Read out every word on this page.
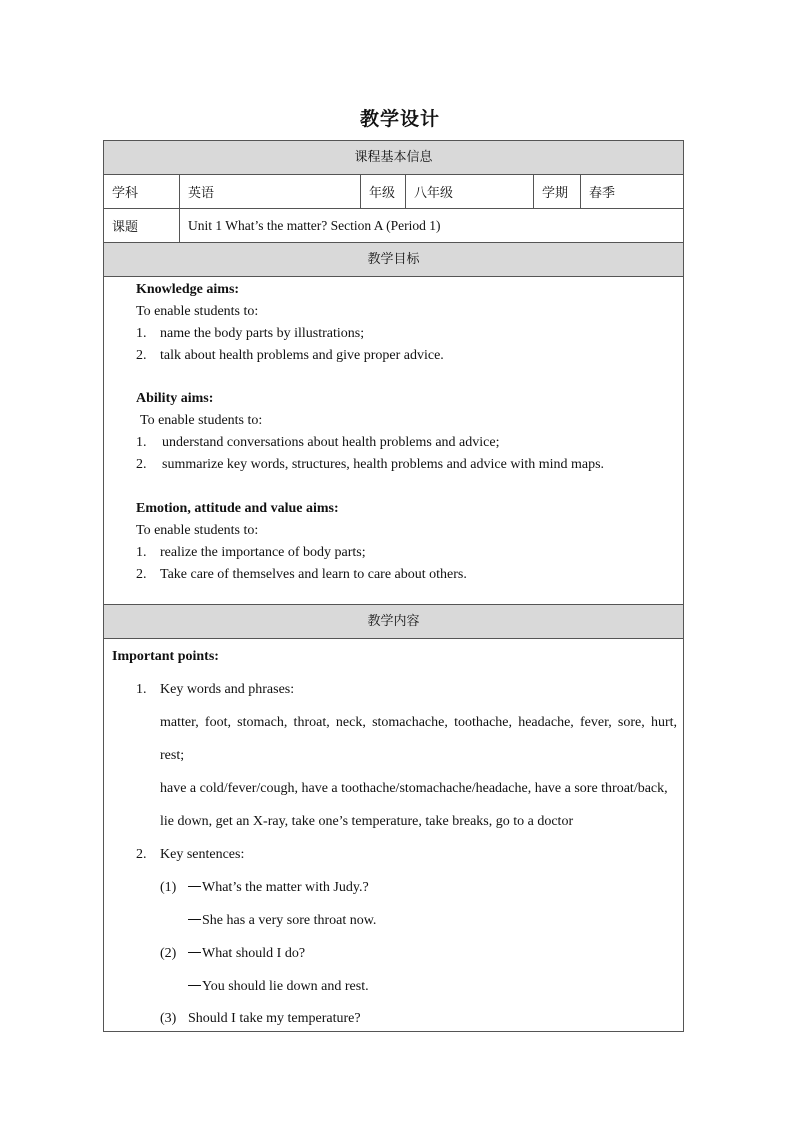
教学设计
课程基本信息
学科	英语	年级	八年级	学期	春季
课题	Unit 1 What’s the matter? Section A (Period 1)
教学目标
Knowledge aims:
To enable students to:
1. name the body parts by illustrations;
2. talk about health problems and give proper advice.
Ability aims:
To enable students to:
1. understand conversations about health problems and advice;
2. summarize key words, structures, health problems and advice with mind maps.
Emotion, attitude and value aims:
To enable students to:
1. realize the importance of body parts;
2. Take care of themselves and learn to care about others.
教学内容
Important points:
1. Key words and phrases:
matter, foot, stomach, throat, neck, stomachache, toothache, headache, fever, sore, hurt,
rest;
have a cold/fever/cough, have a toothache/stomachache/headache, have a sore throat/back,
lie down, get an X-ray, take one’s temperature, take breaks, go to a doctor
2. Key sentences:
(1)	What’s the matter with Judy.?
She has a very sore throat now.
(2)	What should I do?
You should lie down and rest.
(3) Should I take my temperature?
